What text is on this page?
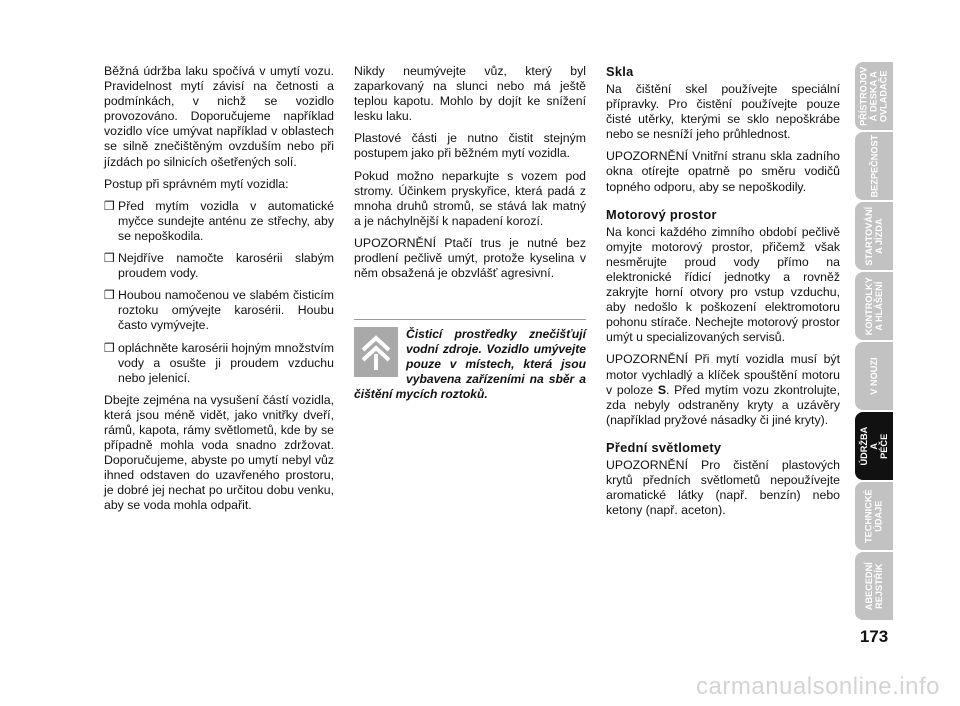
Běžná údržba laku spočívá v umytí vozu. Pravidelnost mytí závisí na četnosti a podmínkách, v nichž se vozidlo provozováno. Doporučujeme například vozidlo více umývat například v oblastech se silně znečištěným ovzduším nebo při jízdách po silnicích ošetřených solí.

Postup při správném mytí vozidla:

❒ Před mytím vozidla v automatické myčce sundejte anténu ze střechy, aby se nepoškodila.
❒ Nejdříve namočte karosérii slabým proudem vody.
❒ Houbou namočenou ve slabém čisticím roztoku omývejte karosérii. Houbu často vymývejte.
❒ opláchněte karosérii hojným množstvím vody a osušte ji proudem vzduchu nebo jelenicí.

Dbejte zejména na vysušení částí vozidla, která jsou méně vidět, jako vnitřky dveří, rámů, kapota, rámy světlometů, kde by se případně mohla voda snadno zdržovat. Doporučujeme, abyste po umytí nebyl vůz ihned odstaven do uzavřeného prostoru, je dobré jej nechat po určitou dobu venku, aby se voda mohla odpařit.

Nikdy neumývejte vůz, který byl zaparkovaný na slunci nebo má ještě teplou kapotu. Mohlo by dojít ke snížení lesku laku.

Plastové části je nutno čistit stejným postupem jako při běžném mytí vozidla.

Pokud možno neparkujte s vozem pod stromy. Účinkem pryskyřice, která padá z mnoha druhů stromů, se stává lak matný a je náchylnější k napadení korozí.

UPOZORNĚNÍ Ptačí trus je nutné bez prodlení pečlivě umýt, protože kyselina v něm obsažená je obzvlášť agresivní.

Čisticí prostředky znečišťují vodní zdroje. Vozidlo umývejte pouze v místech, která jsou vybavena zařízeními na sběr a čištění mycích roztoků.
Skla

Na čištění skel používejte speciální přípravky. Pro čistění používejte pouze čisté utěrky, kterými se sklo nepoškrábe nebo se nesníží jeho průhlednost.

UPOZORNĚNÍ Vnitřní stranu skla zadního okna otírejte opatrně po směru vodičů topného odporu, aby se nepoškodily.

Motorový prostor

Na konci každého zimního období pečlivě omyjte motorový prostor, přičemž však nesměrujte proud vody přímo na elektronické řídicí jednotky a rovněž zakryjte horní otvory pro vstup vzduchu, aby nedošlo k poškození elektromotoru pohonu stírače. Nechejte motorový prostor umýt u specializovaných servisů.

UPOZORNĚNÍ Při mytí vozidla musí být motor vychladlý a klíček spouštění motoru v poloze S. Před mytím vozu zkontrolujte, zda nebyly odstraněny kryty a uzávěry (například pryžové násadky či jiné kryty).

Přední světlomety

UPOZORNĚNÍ Pro čistění plastových krytů předních světlometů nepoužívejte aromatické látky (např. benzín) nebo ketony (např. aceton).

PŘÍSTROJOV
Á DESKA A
OVLADAČE
BEZPEČNOST
STARTOVÁNÍ
A JÍZDA
KONTROLKY
A HLÁŠENÍ
V NOUZI
ÚDRŽBA A
PÉČE
TECHNICKÉ
ÚDAJE
ABECEDNÍ
REJSTŘÍK
173
carmanualsonline.info
